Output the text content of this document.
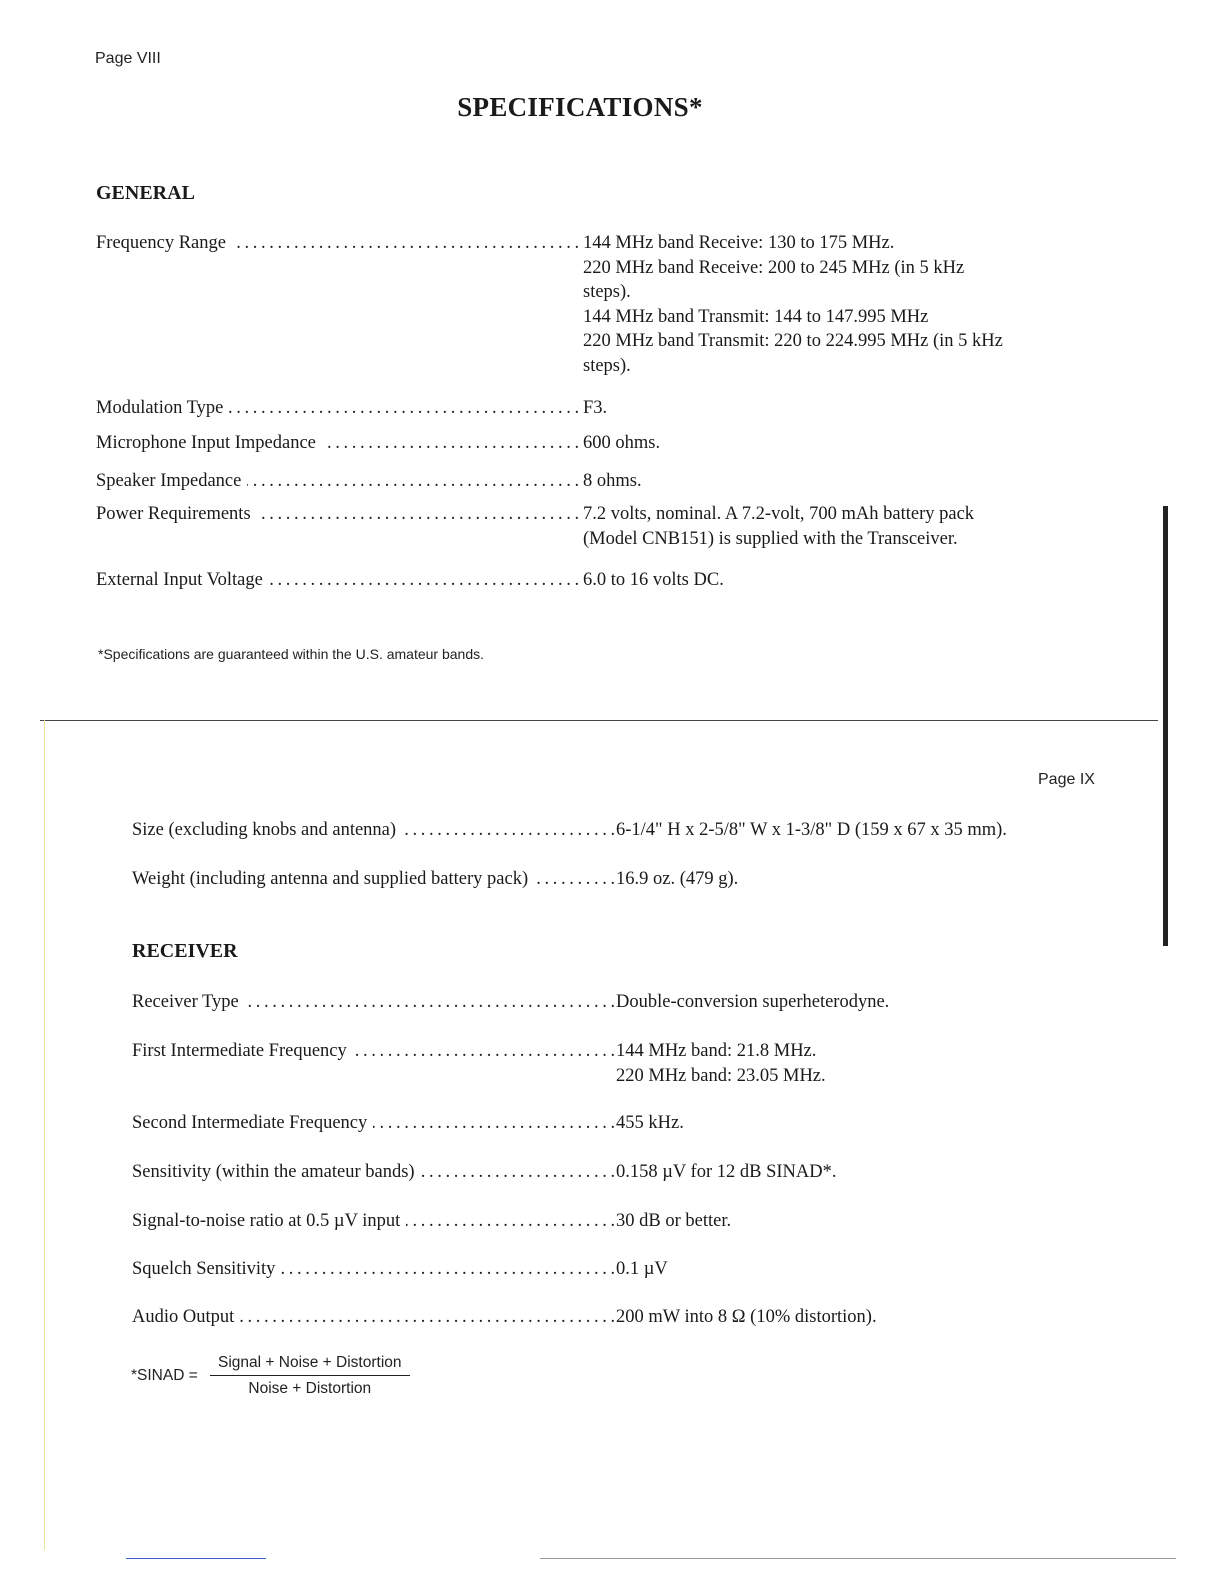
Page VIII
SPECIFICATIONS*
GENERAL
Frequency Range . . .	144 MHz band Receive: 130 to 175 MHz.
220 MHz band Receive: 200 to 245 MHz (in 5 kHz
steps).
144 MHz band Transmit: 144 to 147.995 MHz
220 MHz band Transmit: 220 to 224.995 MHz (in 5 kHz
steps).
Modulation Type . . .	F3.
Microphone Input Impedance . . .	600 ohms.
Speaker Impedance . . .	8 ohms.
Power Requirements . . .	7.2 volts, nominal. A 7.2-volt, 700 mAh battery pack
(Model CNB151) is supplied with the Transceiver.
External Input Voltage . . .	6.0 to 16 volts DC.
*Specifications are guaranteed within the U.S. amateur bands.
Page IX
Size (excluding knobs and antenna) . . .	6-1/4" H x 2-5/8" W x 1-3/8" D (159 x 67 x 35 mm).
Weight (including antenna and supplied battery pack) . . .	16.9 oz. (479 g).
RECEIVER
Receiver Type . . .	Double-conversion superheterodyne.
First Intermediate Frequency . . .	144 MHz band: 21.8 MHz.
220 MHz band: 23.05 MHz.
Second Intermediate Frequency . . .	455 kHz.
Sensitivity (within the amateur bands) . . .	0.158 µV for 12 dB SINAD*.
Signal-to-noise ratio at 0.5 µV input . . .	30 dB or better.
Squelch Sensitivity . . .	0.1 µV
Audio Output . . .	200 mW into 8 Ω (10% distortion).
*SINAD = $\frac{\text{Signal + Noise + Distortion}}{\text{Noise + Distortion}}$
